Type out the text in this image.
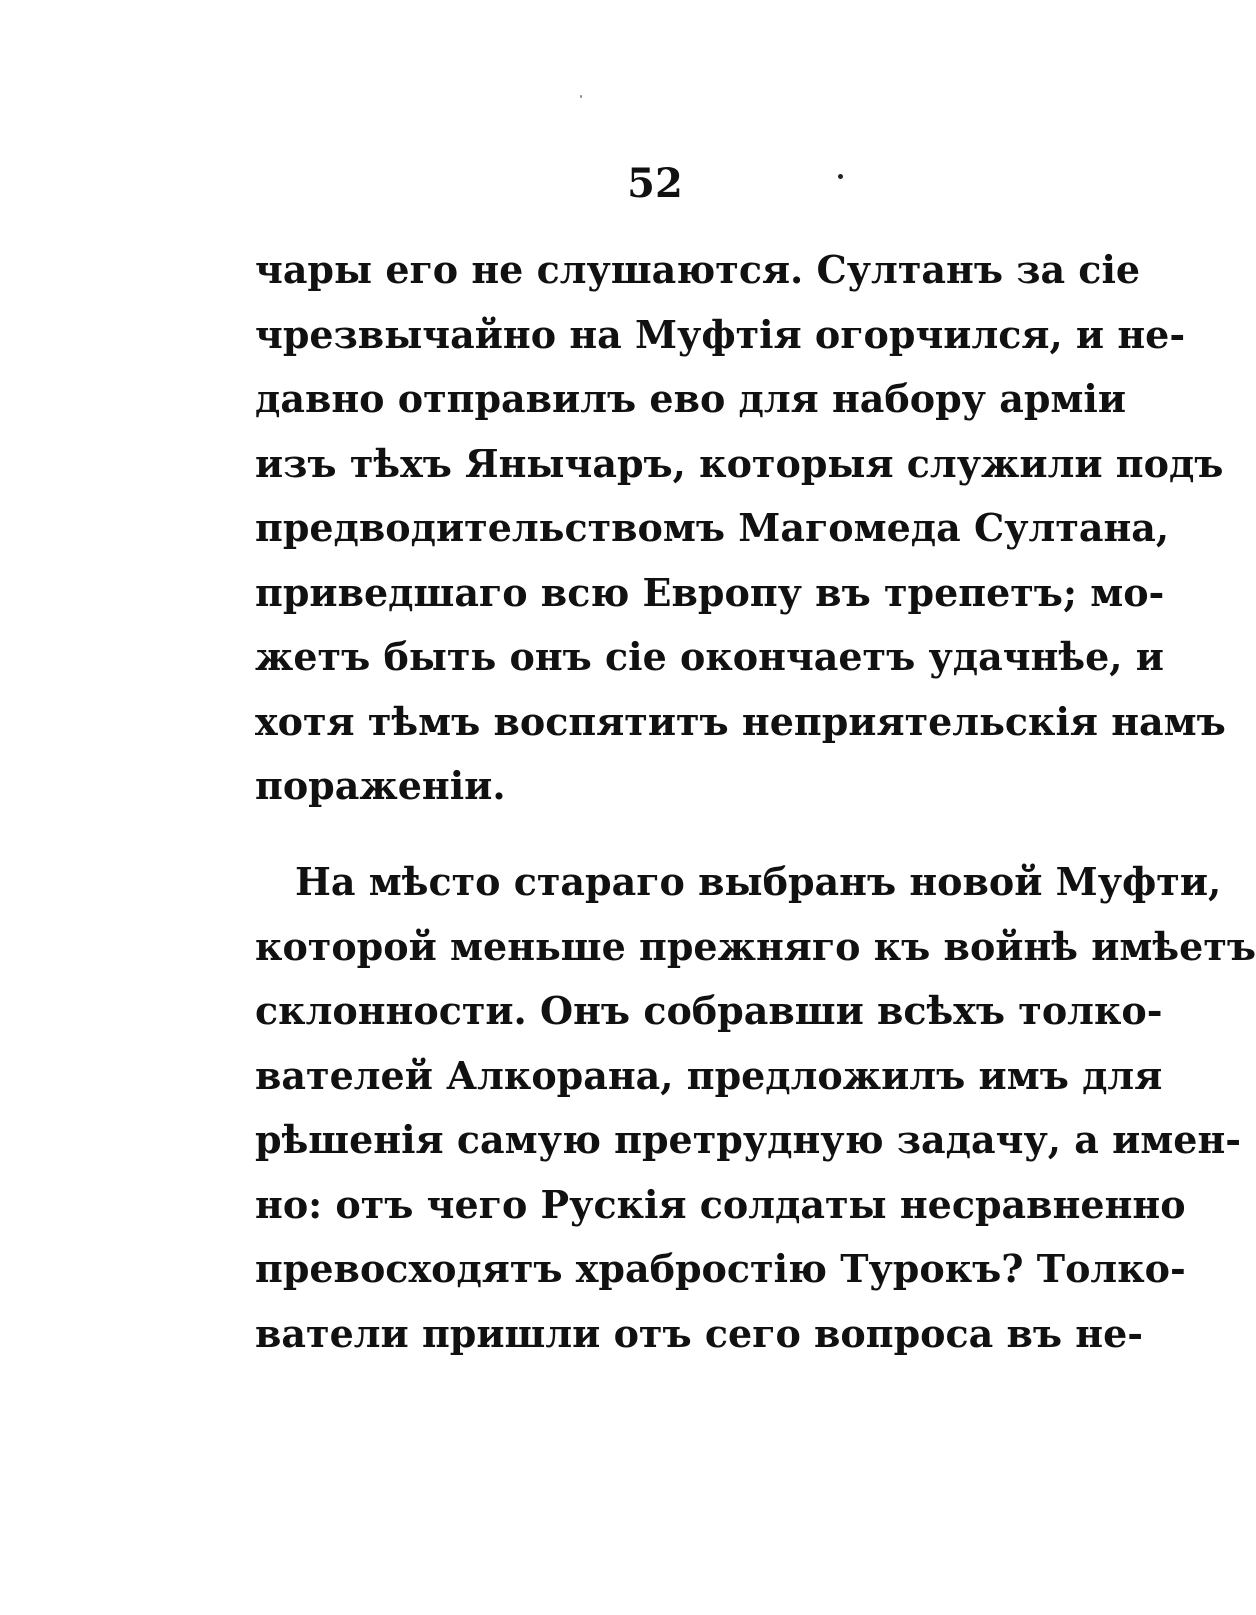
52
чары его не слушаются. Султанъ за сіе
чрезвычайно на Муфтія огорчился, и не-
давно отправилъ ево для набору арміи
изъ тѣхъ Янычаръ, которыя служили подъ
предводительствомъ Магомеда Султана,
приведшаго всю Европу въ трепетъ; мо-
жетъ быть онъ сіе окончаетъ удачнѣе, и
хотя тѣмъ воспятитъ неприятельскія намъ
пораженіи.
На мѣсто стараго выбранъ новой Муфти,
которой меньше прежняго къ войнѣ имѣетъ
склонности. Онъ собравши всѣхъ толко-
вателей Алкорана, предложилъ имъ для
рѣшенія самую претрудную задачу, а имен-
но: отъ чего Рускія солдаты несравненно
превосходятъ храбростію Турокъ? Толко-
ватели пришли отъ сего вопроса въ не-
